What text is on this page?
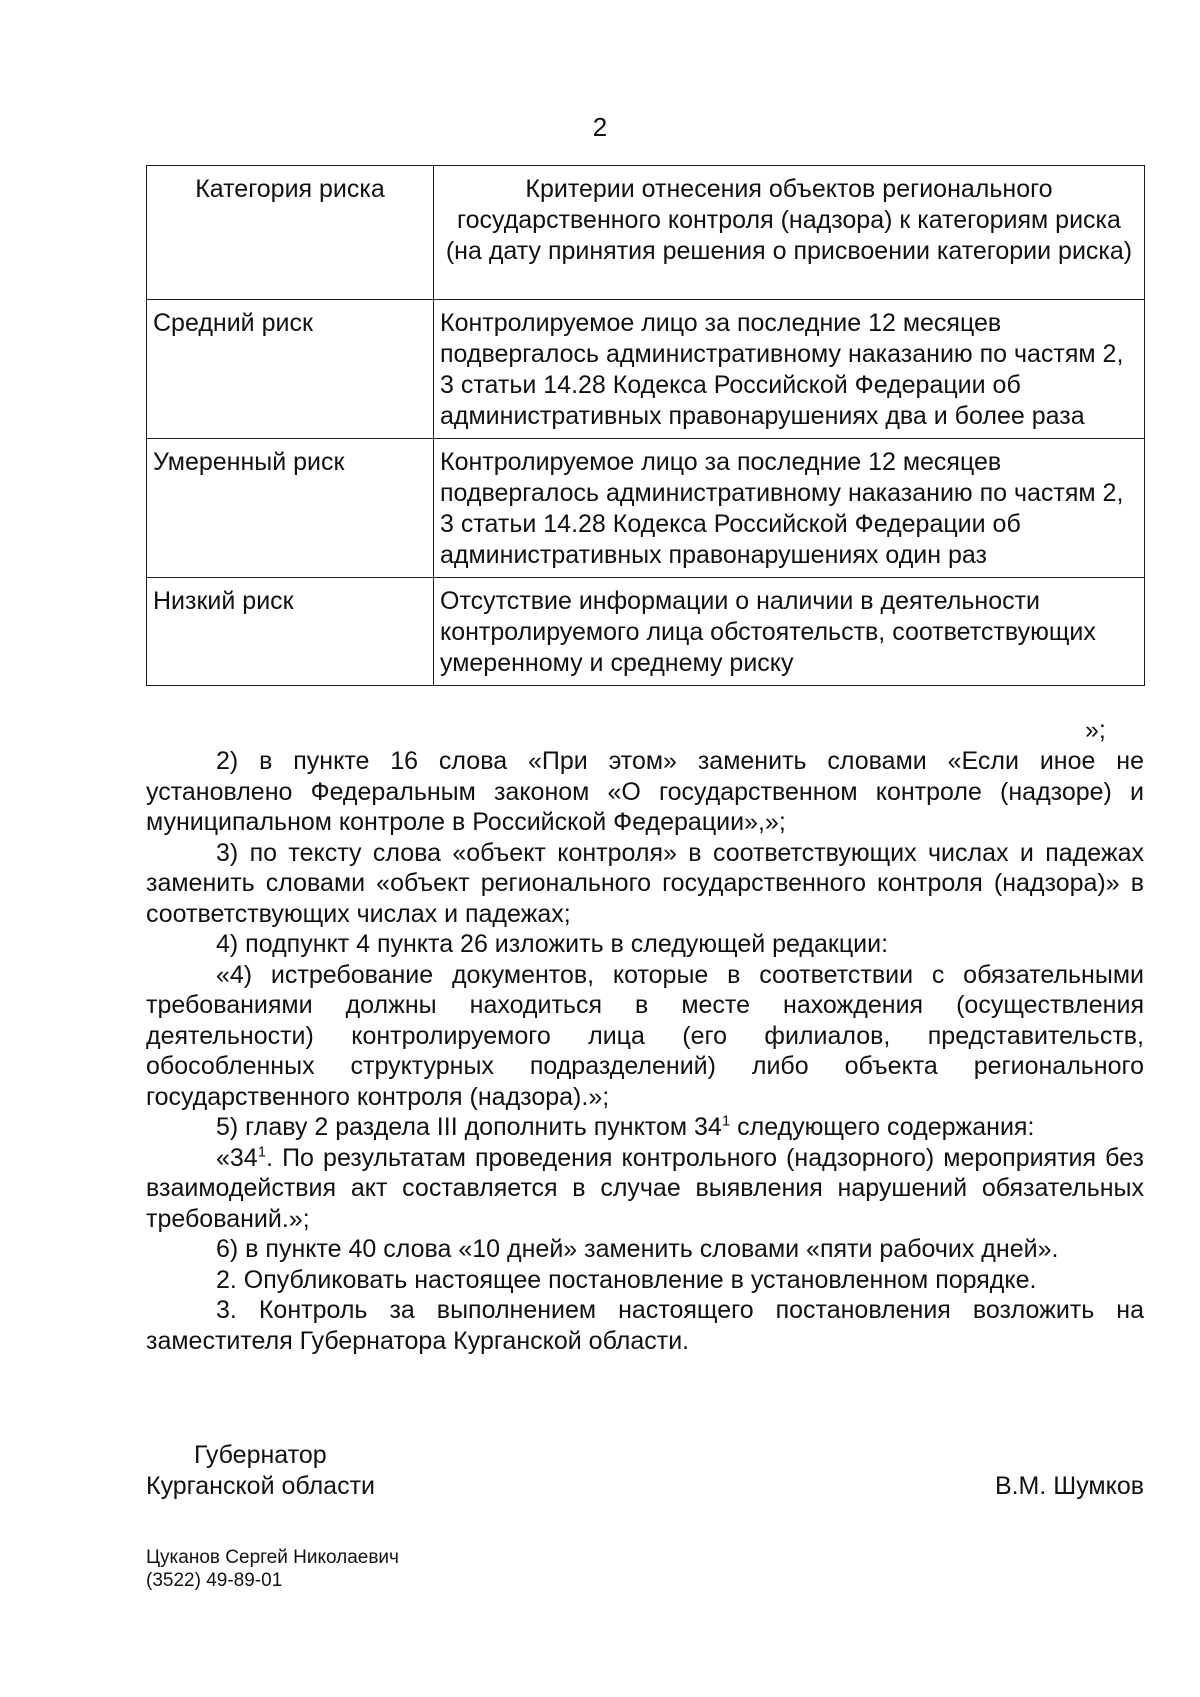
2
Категория риска	Критерии отнесения объектов регионального государственного контроля (надзора) к категориям риска (на дату принятия решения о присвоении категории риска)
Средний риск	Контролируемое лицо за последние 12 месяцев подвергалось административному наказанию по частям 2, 3 статьи 14.28 Кодекса Российской Федерации об административных правонарушениях два и более раза
Умеренный риск	Контролируемое лицо за последние 12 месяцев подвергалось административному наказанию по частям 2, 3 статьи 14.28 Кодекса Российской Федерации об административных правонарушениях один раз
Низкий риск	Отсутствие информации о наличии в деятельности контролируемого лица обстоятельств, соответствующих умеренному и среднему риску
»;

2) в пункте 16 слова «При этом» заменить словами «Если иное не установлено Федеральным законом «О государственном контроле (надзоре) и муниципальном контроле в Российской Федерации»,»;

3) по тексту слова «объект контроля» в соответствующих числах и падежах заменить словами «объект регионального государственного контроля (надзора)» в соответствующих числах и падежах;

4) подпункт 4 пункта 26 изложить в следующей редакции:

«4) истребование документов, которые в соответствии с обязательными требованиями должны находиться в месте нахождения (осуществления деятельности) контролируемого лица (его филиалов, представительств, обособленных структурных подразделений) либо объекта регионального государственного контроля (надзора).»;

5) главу 2 раздела III дополнить пунктом $34^1$ следующего содержания:

«$34^1$. По результатам проведения контрольного (надзорного) мероприятия без взаимодействия акт составляется в случае выявления нарушений обязательных требований.»;

6) в пункте 40 слова «10 дней» заменить словами «пяти рабочих дней».

2. Опубликовать настоящее постановление в установленном порядке.

3. Контроль за выполнением настоящего постановления возложить на заместителя Губернатора Курганской области.

Губернатор
Курганской области	В.М. Шумков
Цуканов Сергей Николаевич
(3522) 49-89-01
